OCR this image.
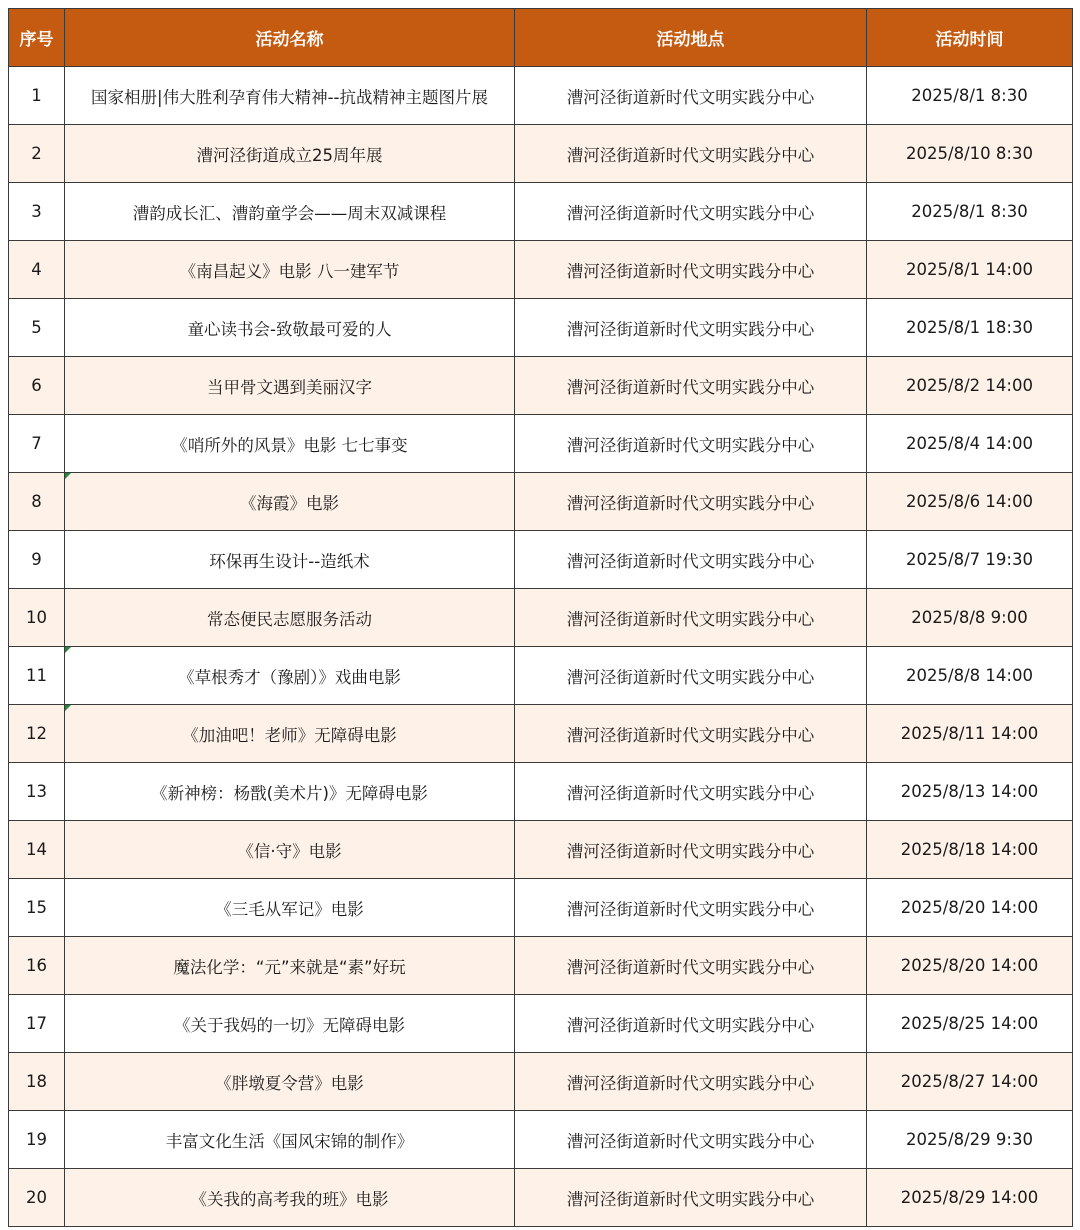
序号	活动名称	活动地点	活动时间
1	国家相册|伟大胜利孕育伟大精神--抗战精神主题图片展	漕河泾街道新时代文明实践分中心	2025/8/1 8:30
2	漕河泾街道成立25周年展	漕河泾街道新时代文明实践分中心	2025/8/10 8:30
3	漕韵成长汇、漕韵童学会——周末双减课程	漕河泾街道新时代文明实践分中心	2025/8/1 8:30
4	《南昌起义》电影 八一建军节	漕河泾街道新时代文明实践分中心	2025/8/1 14:00
5	童心读书会-致敬最可爱的人	漕河泾街道新时代文明实践分中心	2025/8/1 18:30
6	当甲骨文遇到美丽汉字	漕河泾街道新时代文明实践分中心	2025/8/2 14:00
7	《哨所外的风景》电影 七七事变	漕河泾街道新时代文明实践分中心	2025/8/4 14:00
8	《海霞》电影	漕河泾街道新时代文明实践分中心	2025/8/6 14:00
9	环保再生设计--造纸术	漕河泾街道新时代文明实践分中心	2025/8/7 19:30
10	常态便民志愿服务活动	漕河泾街道新时代文明实践分中心	2025/8/8 9:00
11	《草根秀才（豫剧）》戏曲电影	漕河泾街道新时代文明实践分中心	2025/8/8 14:00
12	《加油吧！老师》无障碍电影	漕河泾街道新时代文明实践分中心	2025/8/11 14:00
13	《新神榜：杨戬(美术片)》无障碍电影	漕河泾街道新时代文明实践分中心	2025/8/13 14:00
14	《信·守》电影	漕河泾街道新时代文明实践分中心	2025/8/18 14:00
15	《三毛从军记》电影	漕河泾街道新时代文明实践分中心	2025/8/20 14:00
16	魔法化学：“元”来就是“素”好玩	漕河泾街道新时代文明实践分中心	2025/8/20 14:00
17	《关于我妈的一切》无障碍电影	漕河泾街道新时代文明实践分中心	2025/8/25 14:00
18	《胖墩夏令营》电影	漕河泾街道新时代文明实践分中心	2025/8/27 14:00
19	丰富文化生活《国风宋锦的制作》	漕河泾街道新时代文明实践分中心	2025/8/29 9:30
20	《关我的高考我的班》电影	漕河泾街道新时代文明实践分中心	2025/8/29 14:00
